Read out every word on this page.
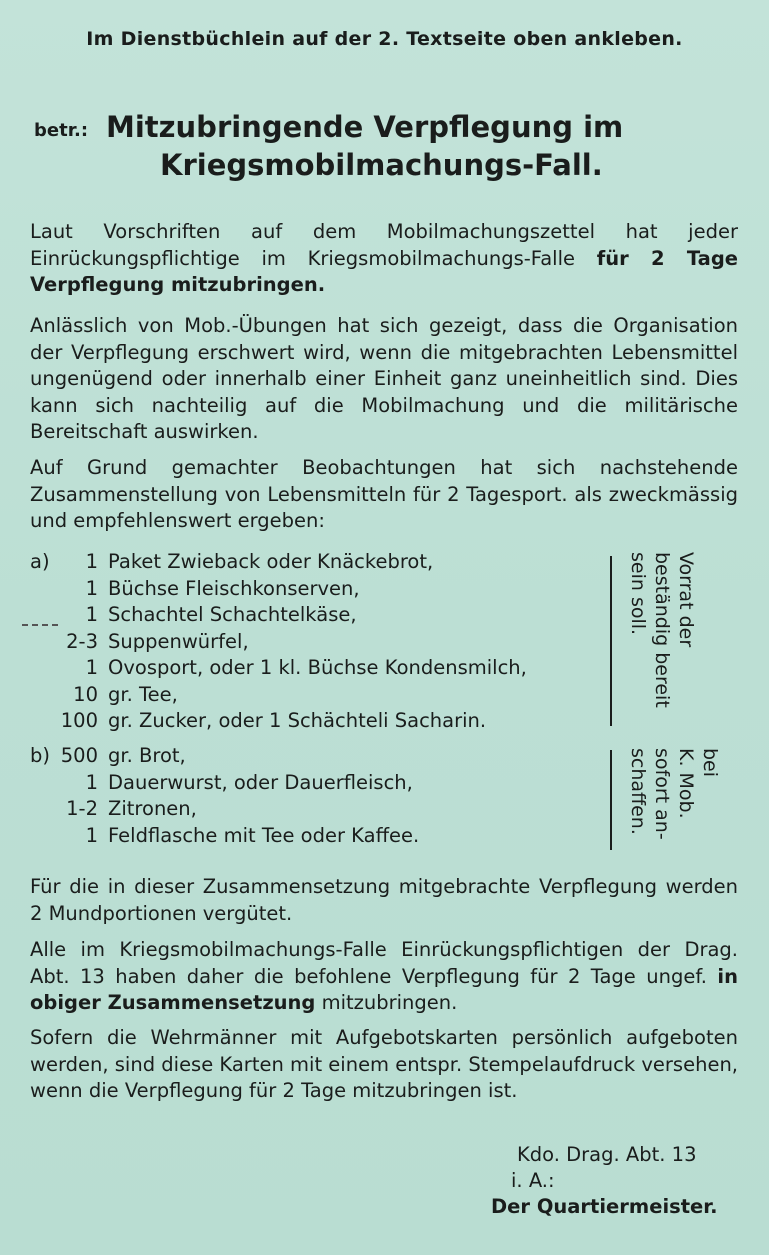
Im Dienstbüchlein auf der 2. Textseite oben ankleben.
betr.: Mitzubringende Verpflegung im
Kriegsmobilmachungs-Fall.
Laut Vorschriften auf dem Mobilmachungszettel hat jeder Einrückungspflichtige im Kriegsmobilmachungs-Falle für 2 Tage Verpflegung mitzubringen.
Anlässlich von Mob.-Übungen hat sich gezeigt, dass die Organisation der Verpflegung erschwert wird, wenn die mitgebrachten Lebensmittel ungenügend oder innerhalb einer Einheit ganz uneinheitlich sind. Dies kann sich nachteilig auf die Mobilmachung und die militärische Bereitschaft auswirken.
Auf Grund gemachter Beobachtungen hat sich nachstehende Zusammenstellung von Lebensmitteln für 2 Tagesport. als zweckmässig und empfehlenswert ergeben:
a) 1 Paket Zwieback oder Knäckebrot,
1 Büchse Fleischkonserven,
1 Schachtel Schachtelkäse,
2-3 Suppenwürfel,
1 Ovosport, oder 1 kl. Büchse Kondensmilch,
10 gr. Tee,
100 gr. Zucker, oder 1 Schächteli Sacharin.
Vorrat der
beständig bereit
sein soll.
b) 500 gr. Brot,
1 Dauerwurst, oder Dauerfleisch,
1-2 Zitronen,
1 Feldflasche mit Tee oder Kaffee.
bei
K. Mob.
sofort an-
schaffen.
Für die in dieser Zusammensetzung mitgebrachte Verpflegung werden 2 Mundportionen vergütet.
Alle im Kriegsmobilmachungs-Falle Einrückungspflichtigen der Drag. Abt. 13 haben daher die befohlene Verpflegung für 2 Tage ungef. in obiger Zusammensetzung mitzubringen.
Sofern die Wehrmänner mit Aufgebotskarten persönlich aufgeboten werden, sind diese Karten mit einem entspr. Stempelaufdruck versehen, wenn die Verpflegung für 2 Tage mitzubringen ist.
Kdo. Drag. Abt. 13
i. A.:
Der Quartiermeister.
